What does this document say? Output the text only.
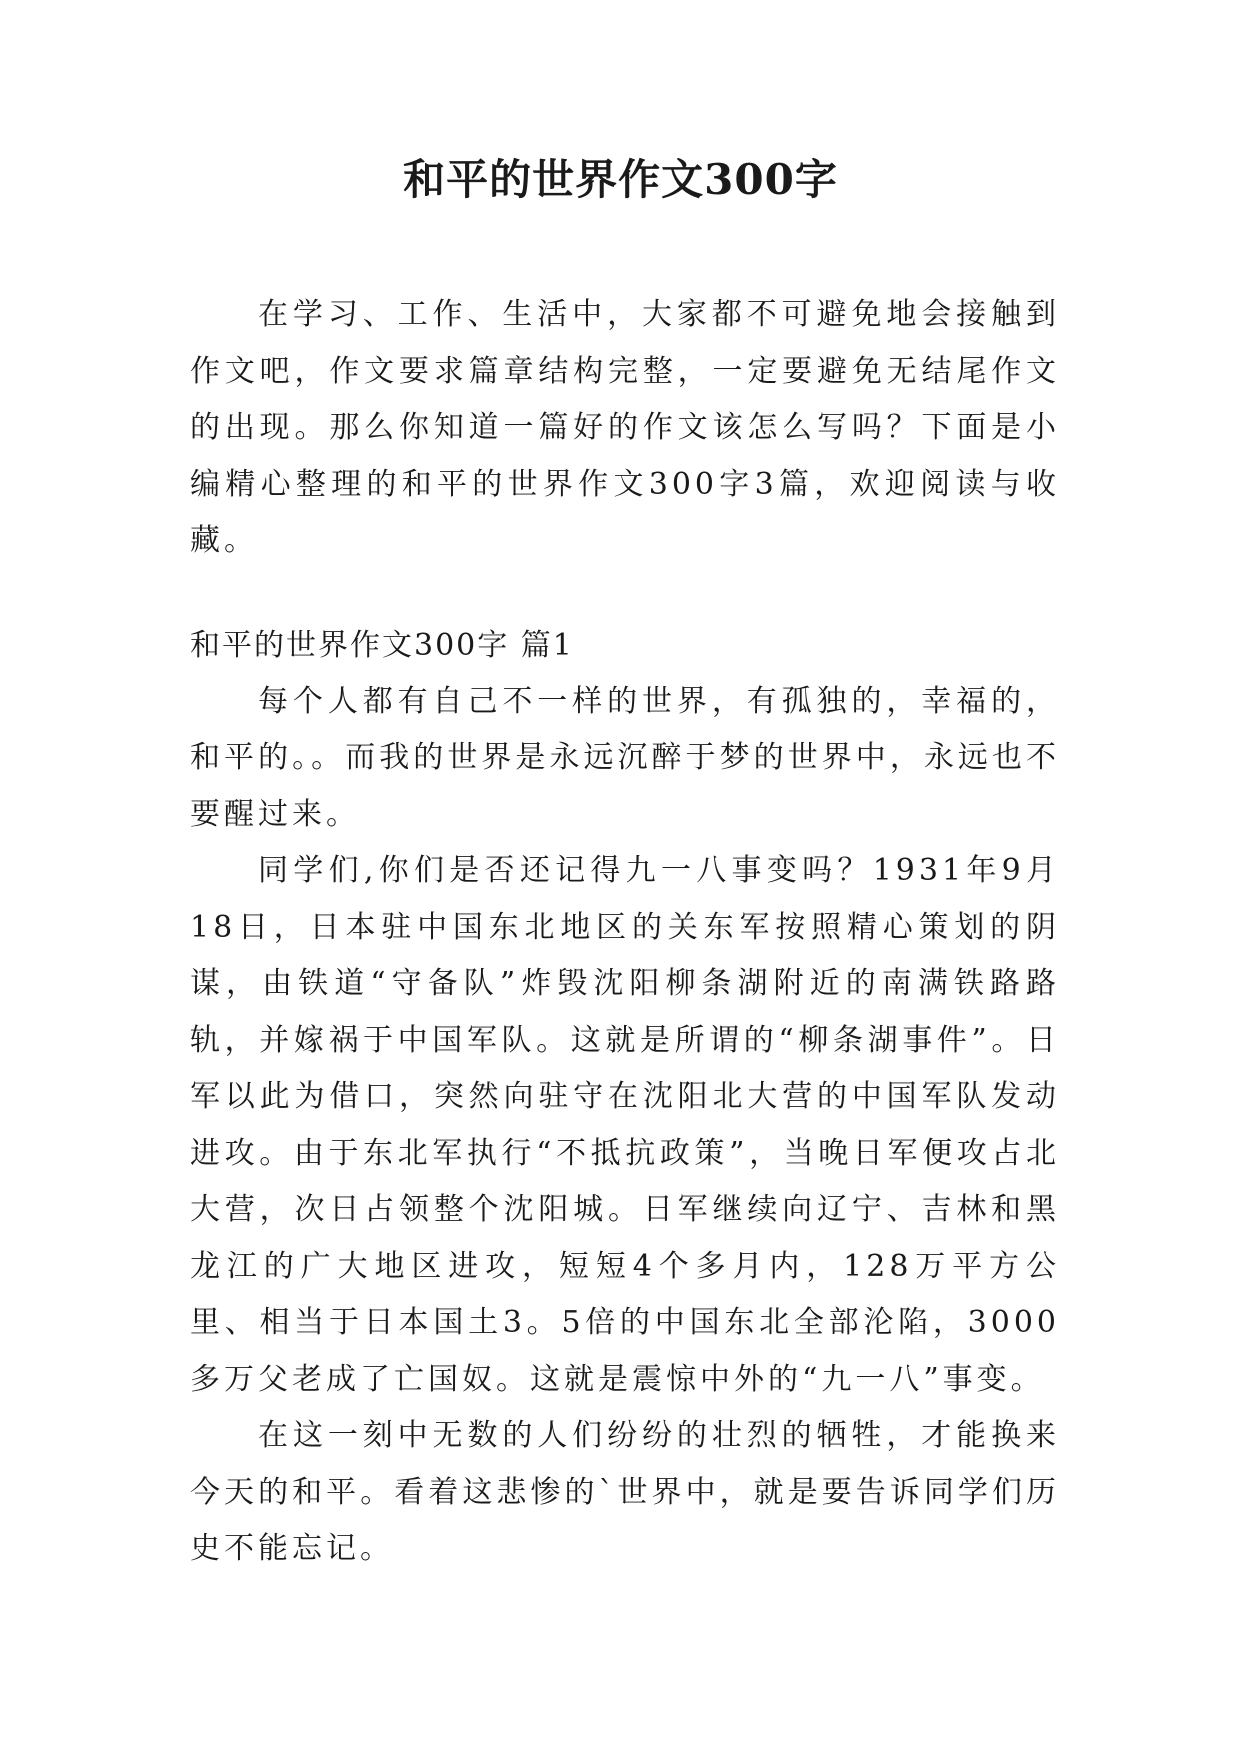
和平的世界作文300字

在学习、工作、生活中，大家都不可避免地会接触到作文吧，作文要求篇章结构完整，一定要避免无结尾作文的出现。那么你知道一篇好的作文该怎么写吗？下面是小编精心整理的和平的世界作文300字3篇，欢迎阅读与收藏。

和平的世界作文300字 篇1

每个人都有自己不一样的世界，有孤独的，幸福的，和平的。。而我的世界是永远沉醉于梦的世界中，永远也不要醒过来。

同学们,你们是否还记得九一八事变吗？1931年9月18日，日本驻中国东北地区的关东军按照精心策划的阴谋，由铁道“守备队”炸毁沈阳柳条湖附近的南满铁路路轨，并嫁祸于中国军队。这就是所谓的“柳条湖事件”。日军以此为借口，突然向驻守在沈阳北大营的中国军队发动进攻。由于东北军执行“不抵抗政策”，当晚日军便攻占北大营，次日占领整个沈阳城。日军继续向辽宁、吉林和黑龙江的广大地区进攻，短短4个多月内，128万平方公里、相当于日本国土3。5倍的中国东北全部沦陷，3000多万父老成了亡国奴。这就是震惊中外的“九一八”事变。

在这一刻中无数的人们纷纷的壮烈的牺牲，才能换来今天的和平。看着这悲惨的`世界中，就是要告诉同学们历史不能忘记。
